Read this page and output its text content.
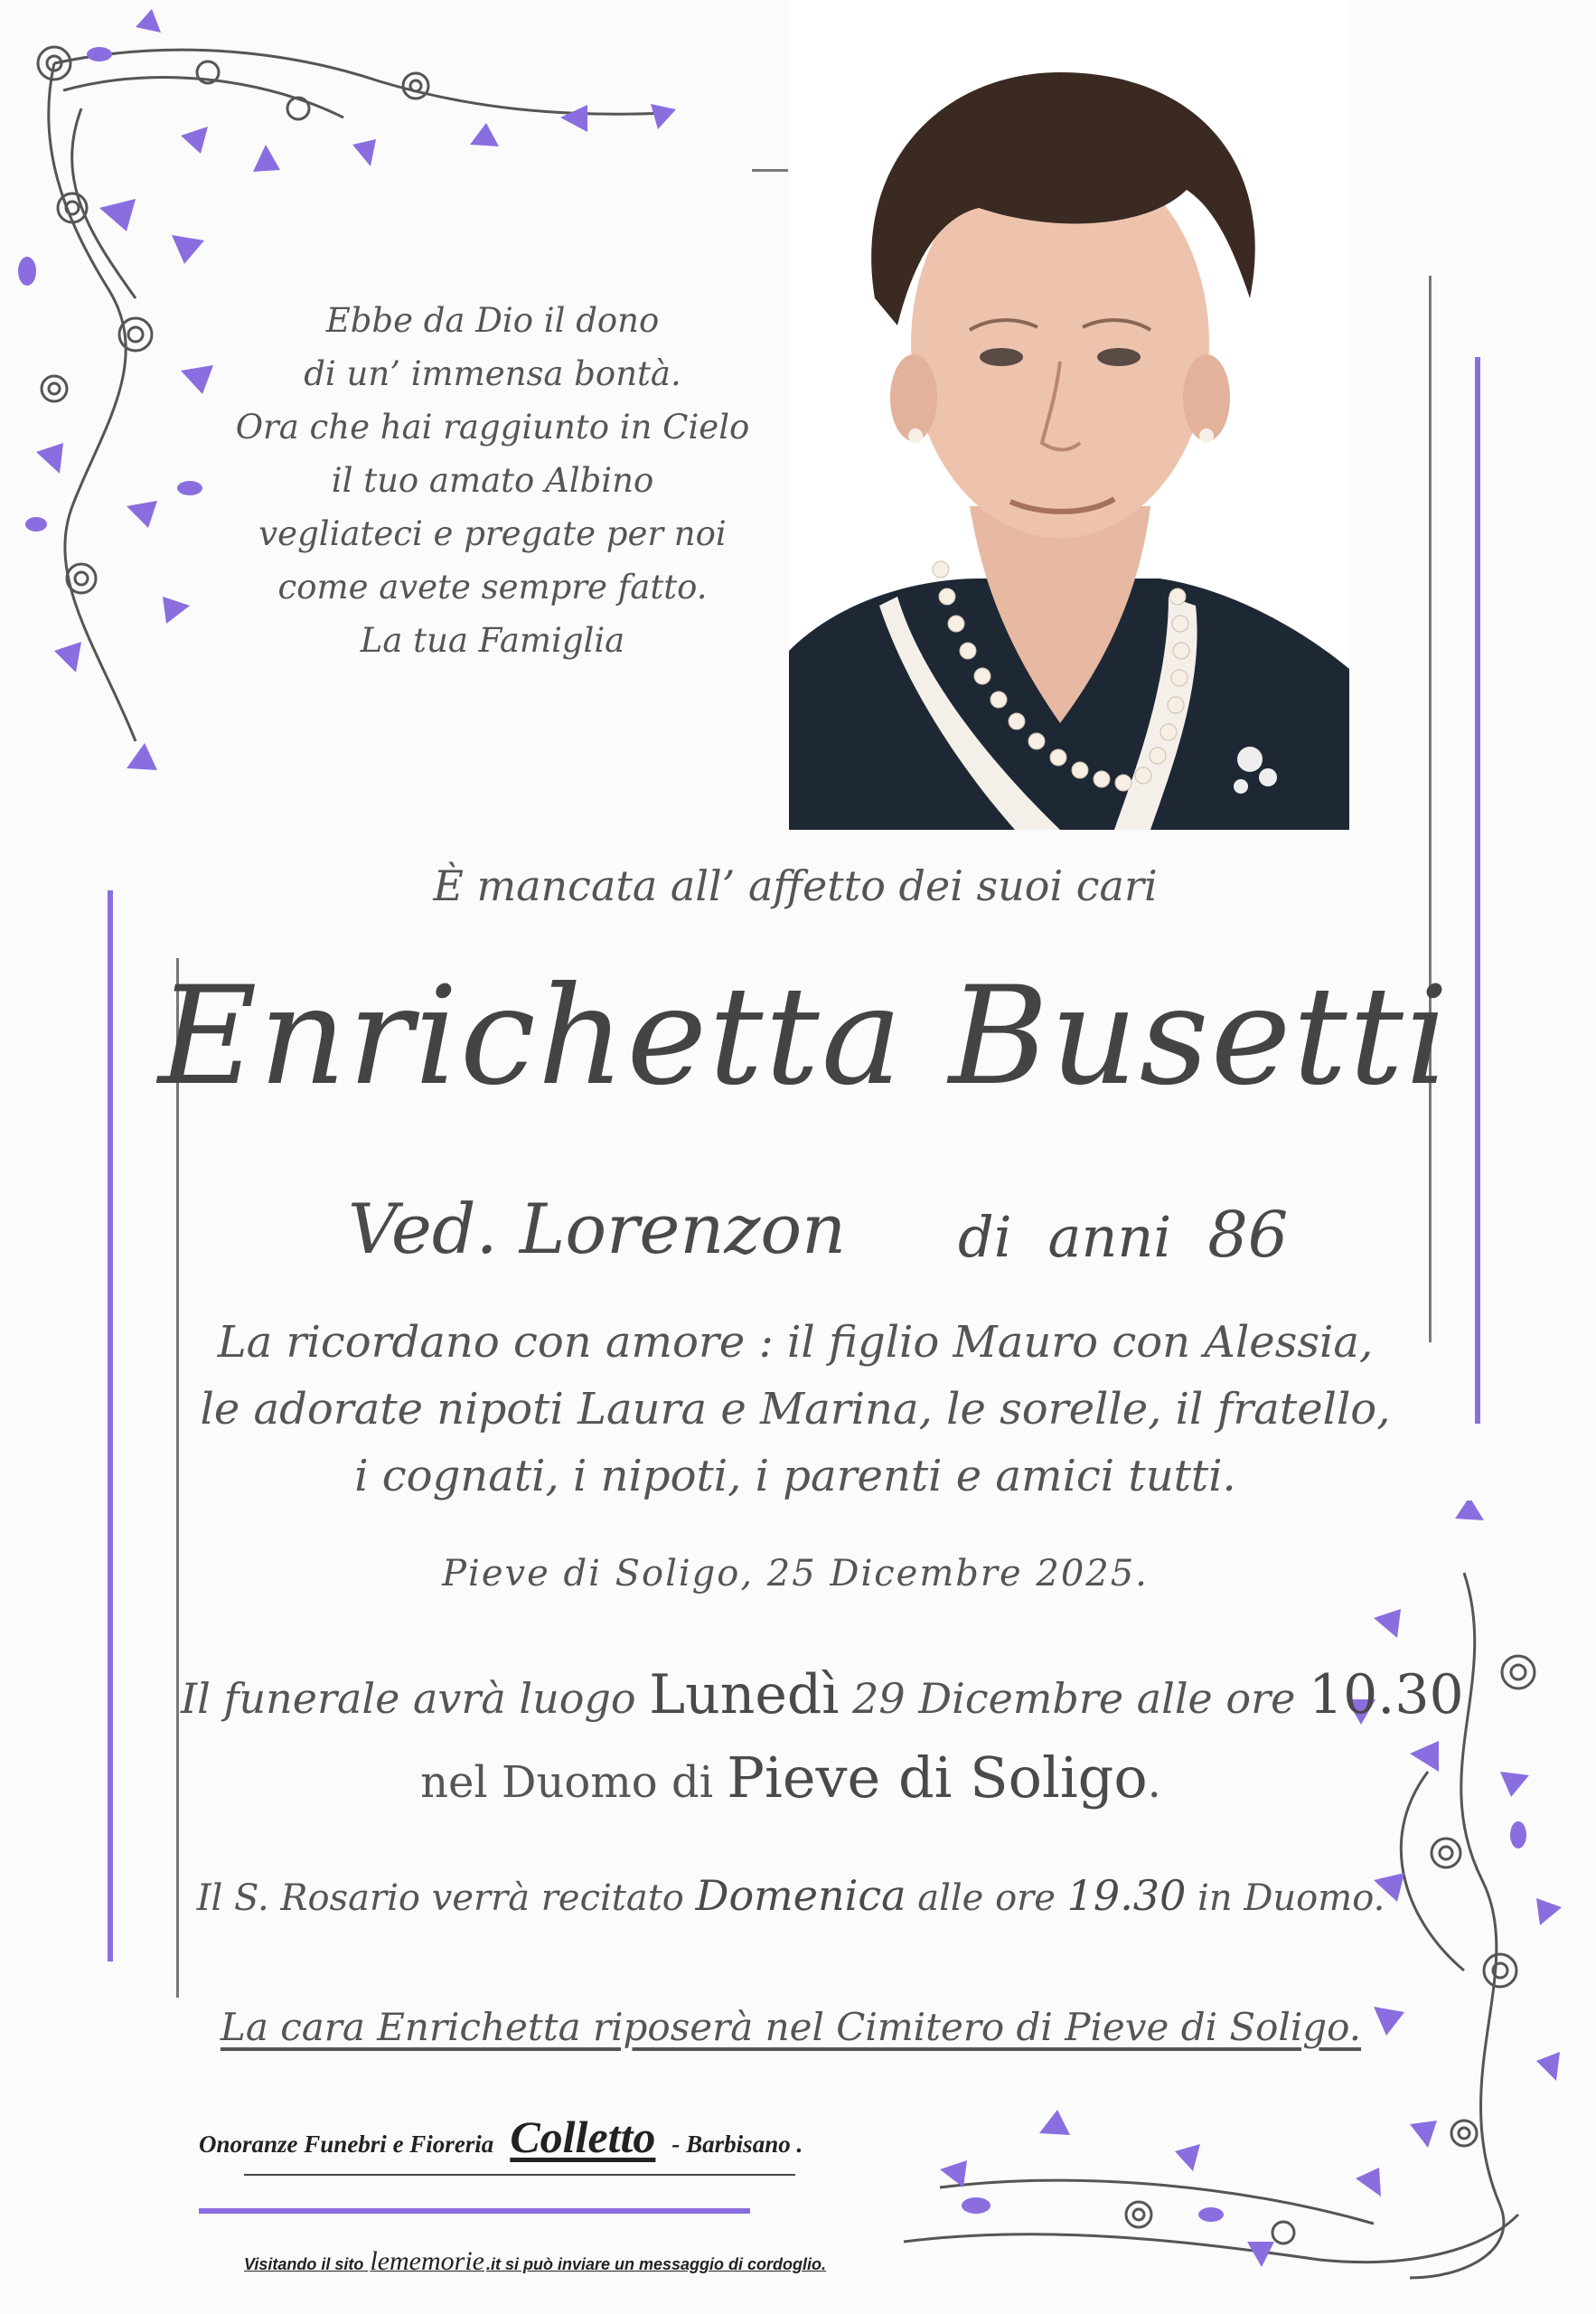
Ebbe da Dio il dono
di un’ immensa bontà.
Ora che hai raggiunto in Cielo
il tuo amato Albino
vegliateci e pregate per noi
come avete sempre fatto.
La tua Famiglia
È mancata all’ affetto dei suoi cari
Enrichetta Busetti
Ved. Lorenzon di anni 86
La ricordano con amore : il figlio Mauro con Alessia,
le adorate nipoti Laura e Marina, le sorelle, il fratello,
i cognati, i nipoti, i parenti e amici tutti.
Pieve di Soligo, 25 Dicembre 2025.
Il funerale avrà luogo Lunedì 29 Dicembre alle ore 10.30
nel Duomo di Pieve di Soligo.
Il S. Rosario verrà recitato Domenica alle ore 19.30 in Duomo.
La cara Enrichetta riposerà nel Cimitero di Pieve di Soligo.
Onoranze Funebri e Fioreria Colletto - Barbisano .
Visitando il sito lememorie .it si può inviare un messaggio di cordoglio.
